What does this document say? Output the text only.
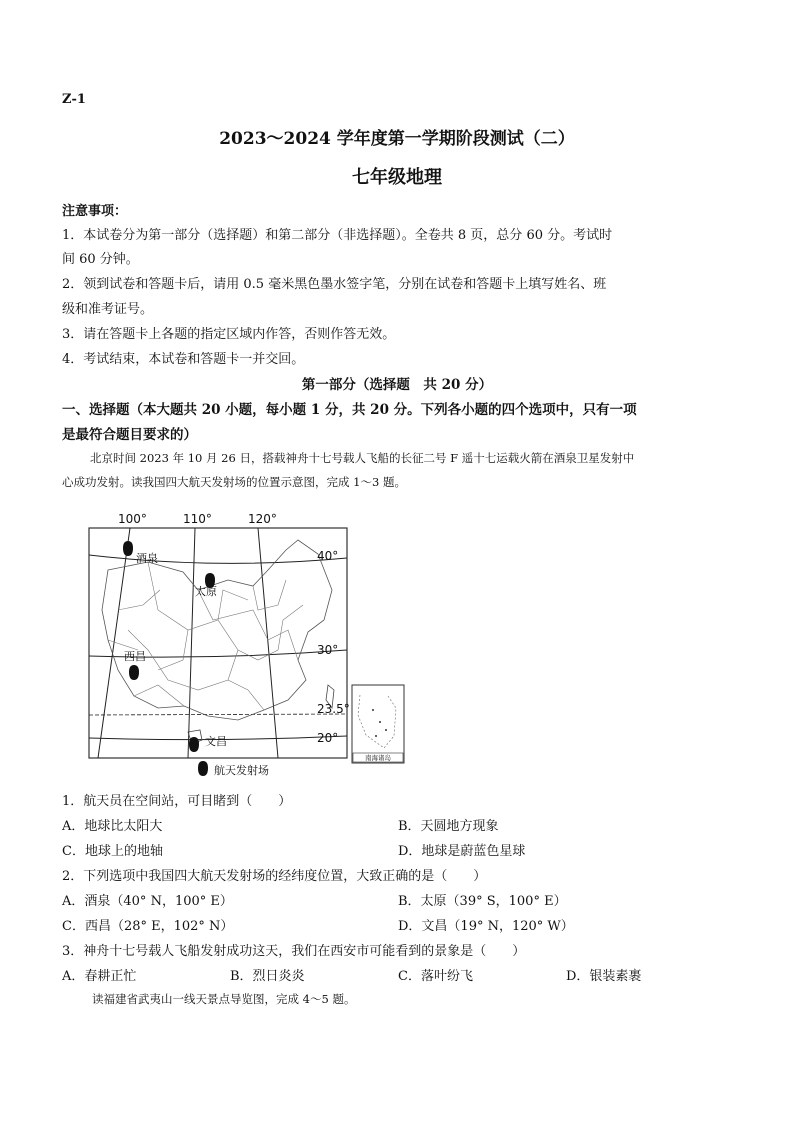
Z-1
2023～2024 学年度第一学期阶段测试（二）
七年级地理
注意事项：
1．本试卷分为第一部分（选择题）和第二部分（非选择题）。全卷共 8 页，总分 60 分。考试时
间 60 分钟。
2．领到试卷和答题卡后，请用 0.5 毫米黑色墨水签字笔，分别在试卷和答题卡上填写姓名、班
级和准考证号。
3．请在答题卡上各题的指定区域内作答，否则作答无效。
4．考试结束，本试卷和答题卡一并交回。
第一部分（选择题　共 20 分）
一、选择题（本大题共 20 小题，每小题 1 分，共 20 分。下列各小题的四个选项中，只有一项
是最符合题目要求的）
北京时间 2023 年 10 月 26 日，搭载神舟十七号载人飞船的长征二号 F 遥十七运载火箭在酒泉卫星发射中
心成功发射。读我国四大航天发射场的位置示意图，完成 1～3 题。
酒泉
太原
西昌
文昌
100°	110°	120°
40°
30°
23.5°
20°
南海诸岛
航天发射场
1．航天员在空间站，可目睹到（　　）
A．地球比太阳大	B．天圆地方现象
C．地球上的地轴	D．地球是蔚蓝色星球
2．下列选项中我国四大航天发射场的经纬度位置，大致正确的是（　　）
A．酒泉（40° N，100° E）	B．太原（39° S，100° E）
C．西昌（28° E，102° N）	D．文昌（19° N，120° W）
3．神舟十七号载人飞船发射成功这天，我们在西安市可能看到的景象是（　　）
A．春耕正忙	B．烈日炎炎	C．落叶纷飞	D．银装素裹
读福建省武夷山一线天景点导览图，完成 4～5 题。
